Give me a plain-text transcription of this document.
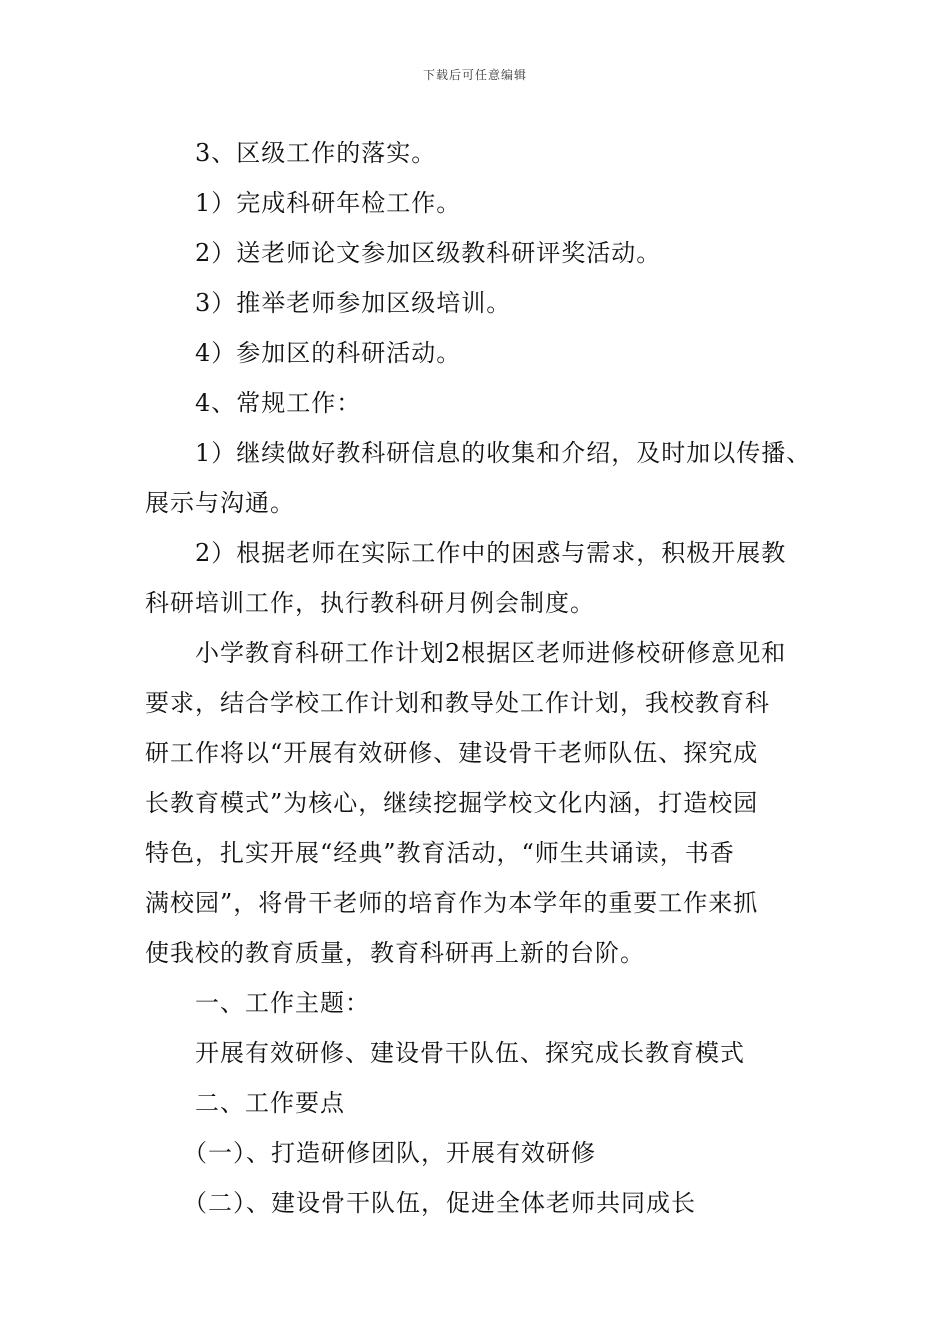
下载后可任意编辑
3、区级工作的落实。
1）完成科研年检工作。
2）送老师论文参加区级教科研评奖活动。
3）推举老师参加区级培训。
4）参加区的科研活动。
4、常规工作：
1）继续做好教科研信息的收集和介绍，及时加以传播、
展示与沟通。
2）根据老师在实际工作中的困惑与需求，积极开展教
科研培训工作，执行教科研月例会制度。
小学教育科研工作计划2根据区老师进修校研修意见和
要求，结合学校工作计划和教导处工作计划，我校教育科
研工作将以“开展有效研修、建设骨干老师队伍、探究成
长教育模式”为核心，继续挖掘学校文化内涵，打造校园
特色，扎实开展“经典”教育活动，“师生共诵读，书香
满校园”，将骨干老师的培育作为本学年的重要工作来抓
使我校的教育质量，教育科研再上新的台阶。
一、工作主题：
开展有效研修、建设骨干队伍、探究成长教育模式
二、工作要点
（一）、打造研修团队，开展有效研修
（二）、建设骨干队伍，促进全体老师共同成长
